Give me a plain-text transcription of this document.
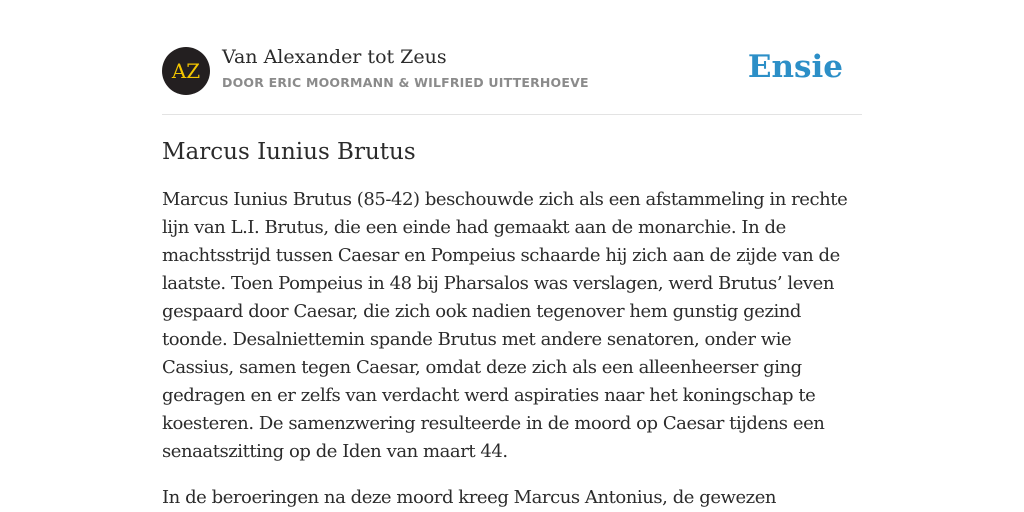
AZ
Van Alexander tot Zeus
DOOR ERIC MOORMANN & WILFRIED UITTERHOEVE	Ensie
Marcus Iunius Brutus

Marcus Iunius Brutus (85-42) beschouwde zich als een afstammeling in rechte lijn van L.I. Brutus, die een einde had gemaakt aan de monarchie. In de machtsstrijd tussen Caesar en Pompeius schaarde hij zich aan de zijde van de laatste. Toen Pompeius in 48 bij Pharsalos was verslagen, werd Brutus’ leven gespaard door Caesar, die zich ook nadien tegenover hem gunstig gezind toonde. Desalniettemin spande Brutus met andere senatoren, onder wie Cassius, samen tegen Caesar, omdat deze zich als een alleenheerser ging gedragen en er zelfs van verdacht werd aspiraties naar het koningschap te koesteren. De samenzwering resulteerde in de moord op Caesar tijdens een senaatszitting op de Iden van maart 44.

In de beroeringen na deze moord kreeg Marcus Antonius, de gewezen
